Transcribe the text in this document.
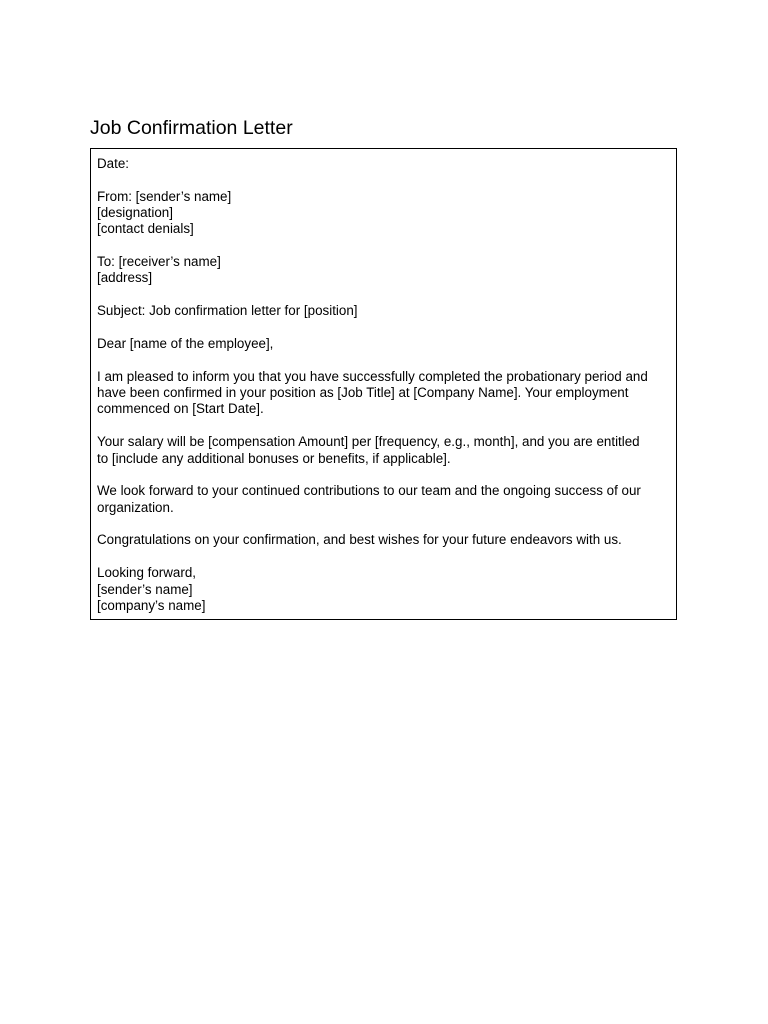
Job Confirmation Letter
Date:
From: [sender’s name]
[designation]
[contact denials]
To: [receiver’s name]
[address]
Subject: Job confirmation letter for [position]
Dear [name of the employee],
I am pleased to inform you that you have successfully completed the probationary period and
have been confirmed in your position as [Job Title] at [Company Name]. Your employment
commenced on [Start Date].
Your salary will be [compensation Amount] per [frequency, e.g., month], and you are entitled
to [include any additional bonuses or benefits, if applicable].
We look forward to your continued contributions to our team and the ongoing success of our
organization.
Congratulations on your confirmation, and best wishes for your future endeavors with us.
Looking forward,
[sender’s name]
[company’s name]
